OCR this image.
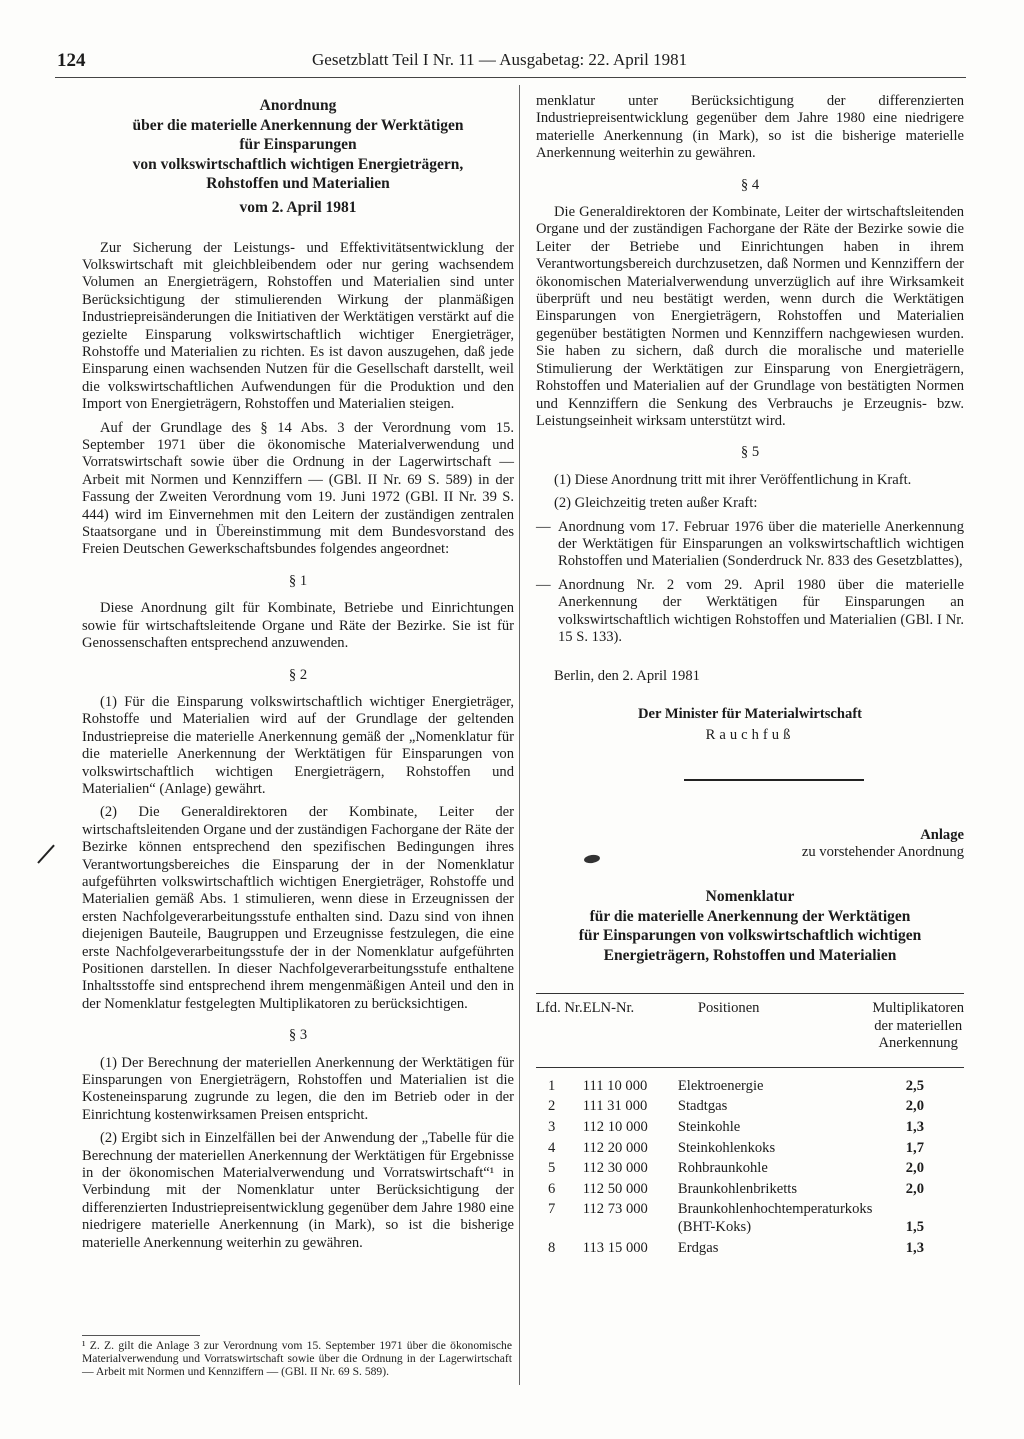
124	Gesetzblatt Teil I Nr. 11 — Ausgabetag: 22. April 1981
Anordnung
über die materielle Anerkennung der Werktätigen
für Einsparungen
von volkswirtschaftlich wichtigen Energieträgern,
Rohstoffen und Materialien
vom 2. April 1981

Zur Sicherung der Leistungs- und Effektivitätsentwicklung der Volkswirtschaft mit gleichbleibendem oder nur gering wachsendem Volumen an Energieträgern, Rohstoffen und Materialien sind unter Berücksichtigung der stimulierenden Wirkung der planmäßigen Industriepreisänderungen die Initiativen der Werktätigen verstärkt auf die gezielte Einsparung volkswirtschaftlich wichtiger Energieträger, Rohstoffe und Materialien zu richten. Es ist davon auszugehen, daß jede Einsparung einen wachsenden Nutzen für die Gesellschaft darstellt, weil die volkswirtschaftlichen Aufwendungen für die Produktion und den Import von Energieträgern, Rohstoffen und Materialien steigen.

Auf der Grundlage des § 14 Abs. 3 der Verordnung vom 15. September 1971 über die ökonomische Materialverwendung und Vorratswirtschaft sowie über die Ordnung in der Lagerwirtschaft — Arbeit mit Normen und Kennziffern — (GBl. II Nr. 69 S. 589) in der Fassung der Zweiten Verordnung vom 19. Juni 1972 (GBl. II Nr. 39 S. 444) wird im Einvernehmen mit den Leitern der zuständigen zentralen Staatsorgane und in Übereinstimmung mit dem Bundesvorstand des Freien Deutschen Gewerkschaftsbundes folgendes angeordnet:

§ 1

Diese Anordnung gilt für Kombinate, Betriebe und Einrichtungen sowie für wirtschaftsleitende Organe und Räte der Bezirke. Sie ist für Genossenschaften entsprechend anzuwenden.

§ 2

(1) Für die Einsparung volkswirtschaftlich wichtiger Energieträger, Rohstoffe und Materialien wird auf der Grundlage der geltenden Industriepreise die materielle Anerkennung gemäß der „Nomenklatur für die materielle Anerkennung der Werktätigen für Einsparungen von volkswirtschaftlich wichtigen Energieträgern, Rohstoffen und Materialien“ (Anlage) gewährt.

(2) Die Generaldirektoren der Kombinate, Leiter der wirtschaftsleitenden Organe und der zuständigen Fachorgane der Räte der Bezirke können entsprechend den spezifischen Bedingungen ihres Verantwortungsbereiches die Einsparung der in der Nomenklatur aufgeführten volkswirtschaftlich wichtigen Energieträger, Rohstoffe und Materialien gemäß Abs. 1 stimulieren, wenn diese in Erzeugnissen der ersten Nachfolgeverarbeitungsstufe enthalten sind. Dazu sind von ihnen diejenigen Bauteile, Baugruppen und Erzeugnisse festzulegen, die eine erste Nachfolgeverarbeitungsstufe der in der Nomenklatur aufgeführten Positionen darstellen. In dieser Nachfolgeverarbeitungsstufe enthaltene Inhaltsstoffe sind entsprechend ihrem mengenmäßigen Anteil und den in der Nomenklatur festgelegten Multiplikatoren zu berücksichtigen.

§ 3

(1) Der Berechnung der materiellen Anerkennung der Werktätigen für Einsparungen von Energieträgern, Rohstoffen und Materialien ist die Kosteneinsparung zugrunde zu legen, die den im Betrieb oder in der Einrichtung kostenwirksamen Preisen entspricht.

(2) Ergibt sich in Einzelfällen bei der Anwendung der „Tabelle für die Berechnung der materiellen Anerkennung der Werktätigen für Ergebnisse in der ökonomischen Materialverwendung und Vorratswirtschaft“¹ in Verbindung mit der Nomenklatur unter Berücksichtigung der differenzierten Industriepreisentwicklung gegenüber dem Jahre 1980 eine niedrigere materielle Anerkennung (in Mark), so ist die bisherige materielle Anerkennung weiterhin zu gewähren.

¹ Z. Z. gilt die Anlage 3 zur Verordnung vom 15. September 1971 über die ökonomische Materialverwendung und Vorratswirtschaft sowie über die Ordnung in der Lagerwirtschaft — Arbeit mit Normen und Kennziffern — (GBl. II Nr. 69 S. 589).

menklatur unter Berücksichtigung der differenzierten Industriepreisentwicklung gegenüber dem Jahre 1980 eine niedrigere materielle Anerkennung (in Mark), so ist die bisherige materielle Anerkennung weiterhin zu gewähren.

§ 4

Die Generaldirektoren der Kombinate, Leiter der wirtschaftsleitenden Organe und der zuständigen Fachorgane der Räte der Bezirke sowie die Leiter der Betriebe und Einrichtungen haben in ihrem Verantwortungsbereich durchzusetzen, daß Normen und Kennziffern der ökonomischen Materialverwendung unverzüglich auf ihre Wirksamkeit überprüft und neu bestätigt werden, wenn durch die Werktätigen Einsparungen von Energieträgern, Rohstoffen und Materialien gegenüber bestätigten Normen und Kennziffern nachgewiesen wurden. Sie haben zu sichern, daß durch die moralische und materielle Stimulierung der Werktätigen zur Einsparung von Energieträgern, Rohstoffen und Materialien auf der Grundlage von bestätigten Normen und Kennziffern die Senkung des Verbrauchs je Erzeugnis- bzw. Leistungseinheit wirksam unterstützt wird.

§ 5

(1) Diese Anordnung tritt mit ihrer Veröffentlichung in Kraft.

(2) Gleichzeitig treten außer Kraft:

— Anordnung vom 17. Februar 1976 über die materielle Anerkennung der Werktätigen für Einsparungen an volkswirtschaftlich wichtigen Rohstoffen und Materialien (Sonderdruck Nr. 833 des Gesetzblattes),
— Anordnung Nr. 2 vom 29. April 1980 über die materielle Anerkennung der Werktätigen für Einsparungen an volkswirtschaftlich wichtigen Rohstoffen und Materialien (GBl. I Nr. 15 S. 133).

Berlin, den 2. April 1981

Der Minister für Materialwirtschaft
Rauchfuß
Anlage
zu vorstehender Anordnung
Nomenklatur
für die materielle Anerkennung der Werktätigen
für Einsparungen von volkswirtschaftlich wichtigen
Energieträgern, Rohstoffen und Materialien
Lfd. Nr.	ELN-Nr.	Positionen	Multiplikatoren der materiellen Anerkennung
1	111 10 000	Elektroenergie	2,5
2	111 31 000	Stadtgas	2,0
3	112 10 000	Steinkohle	1,3
4	112 20 000	Steinkohlenkoks	1,7
5	112 30 000	Rohbraunkohle	2,0
6	112 50 000	Braunkohlenbriketts	2,0
7	112 73 000	Braunkohlenhochtemperaturkoks (BHT-Koks)	1,5
8	113 15 000	Erdgas	1,3
